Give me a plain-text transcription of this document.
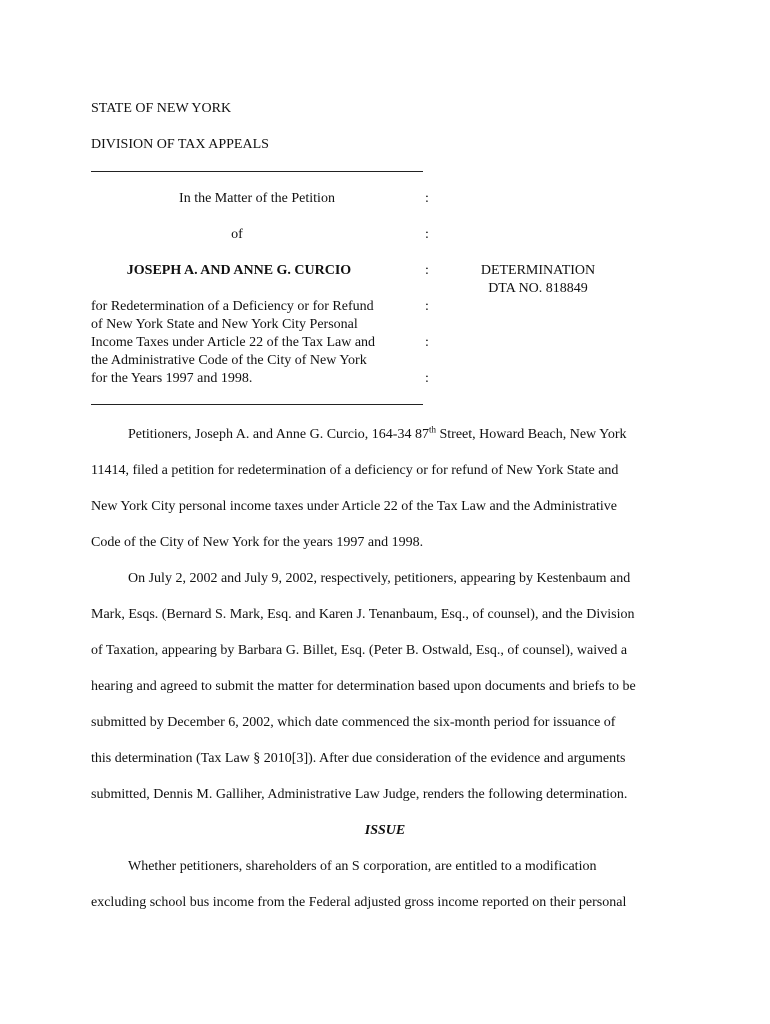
STATE OF NEW YORK
DIVISION OF TAX APPEALS
In the Matter of the Petition	:
of	:
JOSEPH A. AND ANNE G. CURCIO	:	DETERMINATION
DTA NO. 818849
for Redetermination of a Deficiency or for Refund	:
of New York State and New York City Personal
Income Taxes under Article 22 of the Tax Law and	:
the Administrative Code of the City of New York
for the Years 1997 and 1998.	:
Petitioners, Joseph A. and Anne G. Curcio, 164-34 87th Street, Howard Beach, New York
11414, filed a petition for redetermination of a deficiency or for refund of New York State and
New York City personal income taxes under Article 22 of the Tax Law and the Administrative
Code of the City of New York for the years 1997 and 1998.
On July 2, 2002 and July 9, 2002, respectively, petitioners, appearing by Kestenbaum and
Mark, Esqs. (Bernard S. Mark, Esq. and Karen J. Tenanbaum, Esq., of counsel), and the Division
of Taxation, appearing by Barbara G. Billet, Esq. (Peter B. Ostwald, Esq., of counsel), waived a
hearing and agreed to submit the matter for determination based upon documents and briefs to be
submitted by December 6, 2002, which date commenced the six-month period for issuance of
this determination (Tax Law § 2010[3]). After due consideration of the evidence and arguments
submitted, Dennis M. Galliher, Administrative Law Judge, renders the following determination.
ISSUE
Whether petitioners, shareholders of an S corporation, are entitled to a modification
excluding school bus income from the Federal adjusted gross income reported on their personal
